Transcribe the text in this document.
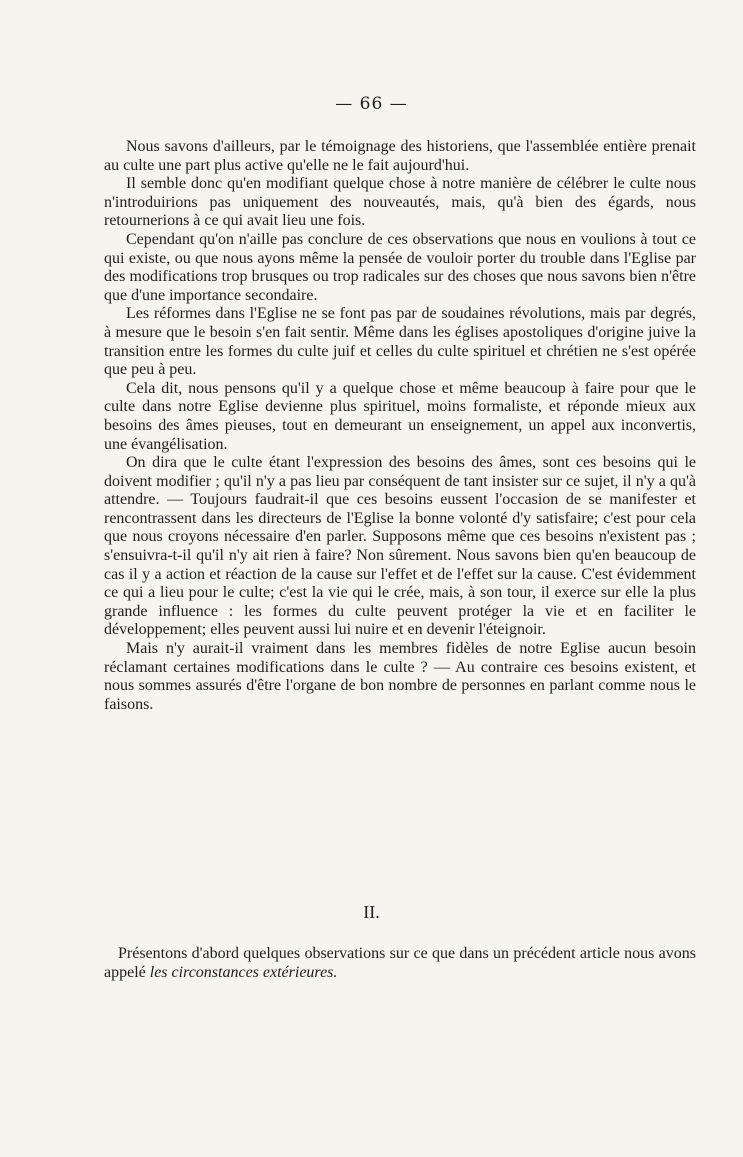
— 66 —

Nous savons d'ailleurs, par le témoignage des historiens, que l'assemblée entière prenait au culte une part plus active qu'elle ne le fait aujourd'hui.

Il semble donc qu'en modifiant quelque chose à notre manière de célébrer le culte nous n'introduirions pas uniquement des nouveautés, mais, qu'à bien des égards, nous retournerions à ce qui avait lieu une fois.

Cependant qu'on n'aille pas conclure de ces observations que nous en voulions à tout ce qui existe, ou que nous ayons même la pensée de vouloir porter du trouble dans l'Eglise par des modifications trop brusques ou trop radicales sur des choses que nous savons bien n'être que d'une importance secondaire.

Les réformes dans l'Eglise ne se font pas par de soudaines révolutions, mais par degrés, à mesure que le besoin s'en fait sentir. Même dans les églises apostoliques d'origine juive la transition entre les formes du culte juif et celles du culte spirituel et chrétien ne s'est opérée que peu à peu.

Cela dit, nous pensons qu'il y a quelque chose et même beaucoup à faire pour que le culte dans notre Eglise devienne plus spirituel, moins formaliste, et réponde mieux aux besoins des âmes pieuses, tout en demeurant un enseignement, un appel aux inconvertis, une évangélisation.

On dira que le culte étant l'expression des besoins des âmes, sont ces besoins qui le doivent modifier ; qu'il n'y a pas lieu par conséquent de tant insister sur ce sujet, il n'y a qu'à attendre. — Toujours faudrait-il que ces besoins eussent l'occasion de se manifester et rencontrassent dans les directeurs de l'Eglise la bonne volonté d'y satisfaire; c'est pour cela que nous croyons nécessaire d'en parler. Supposons même que ces besoins n'existent pas ; s'ensuivra-t-il qu'il n'y ait rien à faire? Non sûrement. Nous savons bien qu'en beaucoup de cas il y a action et réaction de la cause sur l'effet et de l'effet sur la cause. C'est évidemment ce qui a lieu pour le culte; c'est la vie qui le crée, mais, à son tour, il exerce sur elle la plus grande influence : les formes du culte peuvent protéger la vie et en faciliter le développement; elles peuvent aussi lui nuire et en devenir l'éteignoir.

Mais n'y aurait-il vraiment dans les membres fidèles de notre Eglise aucun besoin réclamant certaines modifications dans le culte ? — Au contraire ces besoins existent, et nous sommes assurés d'être l'organe de bon nombre de personnes en parlant comme nous le faisons.

II.

Présentons d'abord quelques observations sur ce que dans un précédent article nous avons appelé les circonstances extérieures.
